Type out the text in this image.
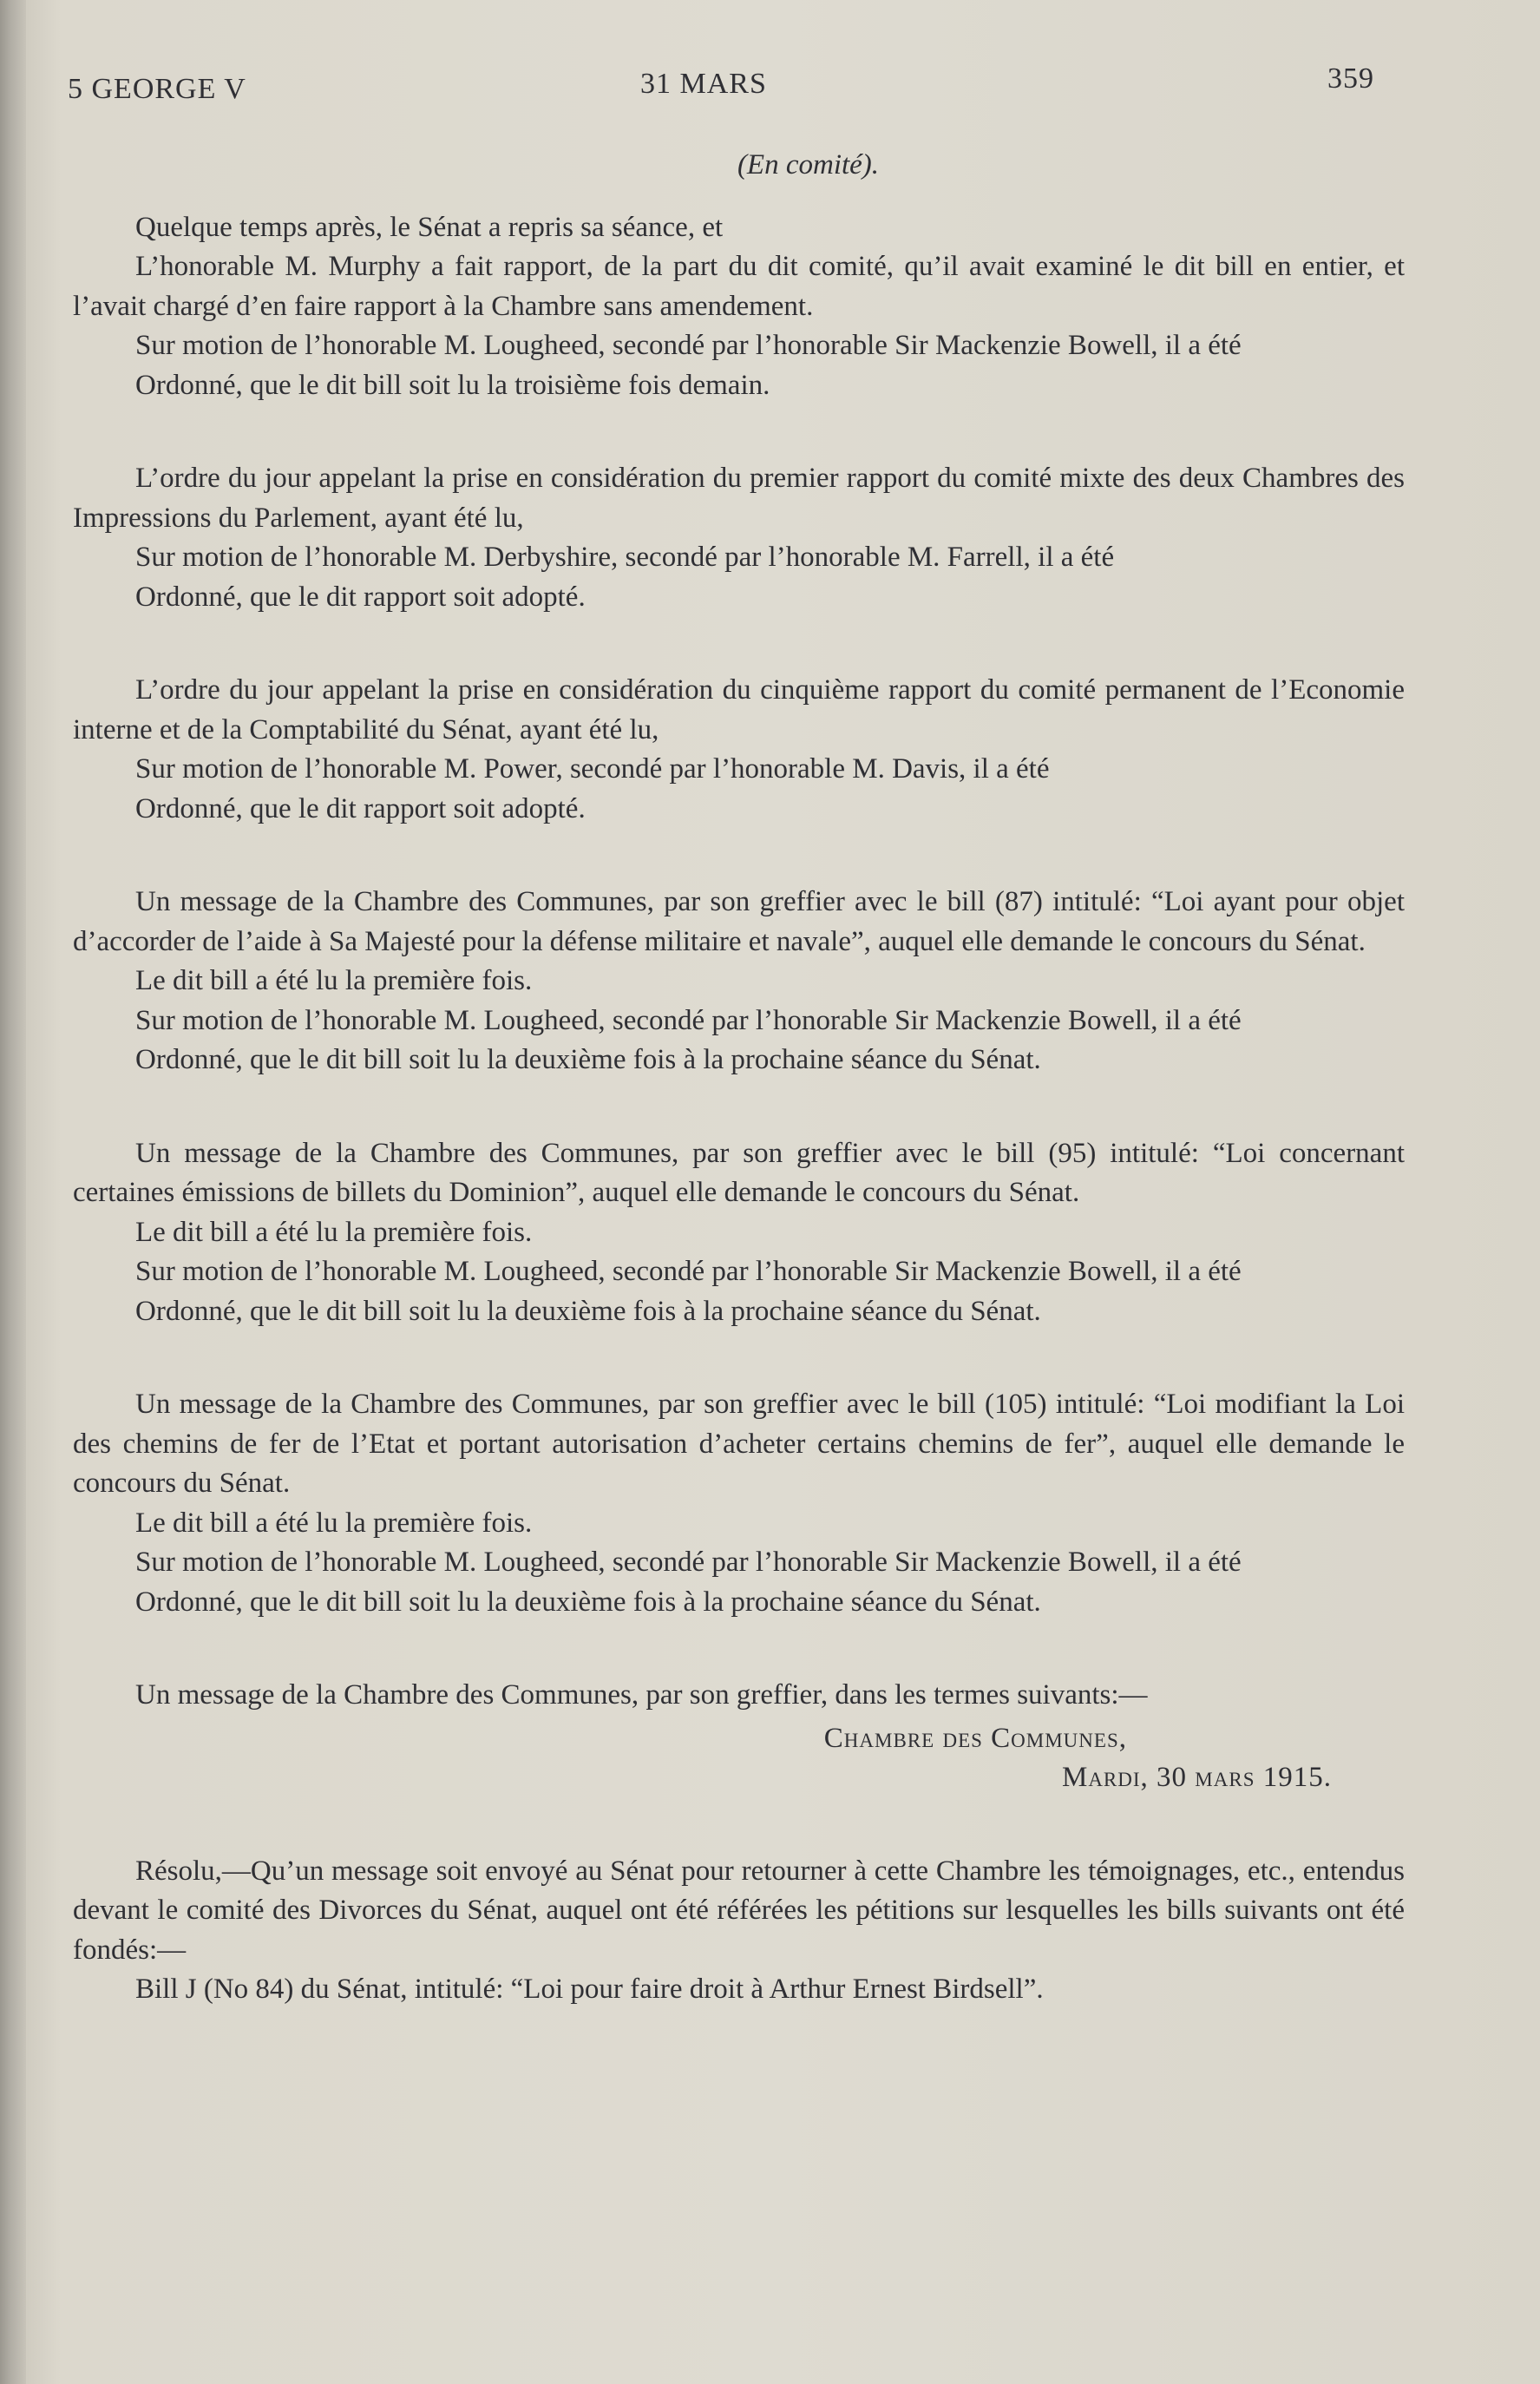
5 GEORGE V	31 MARS	359

(En comité).

Quelque temps après, le Sénat a repris sa séance, et

L’honorable M. Murphy a fait rapport, de la part du dit comité, qu’il avait examiné le dit bill en entier, et l’avait chargé d’en faire rapport à la Chambre sans amendement.

Sur motion de l’honorable M. Lougheed, secondé par l’honorable Sir Mackenzie Bowell, il a été

Ordonné, que le dit bill soit lu la troisième fois demain.

L’ordre du jour appelant la prise en considération du premier rapport du comité mixte des deux Chambres des Impressions du Parlement, ayant été lu,

Sur motion de l’honorable M. Derbyshire, secondé par l’honorable M. Farrell, il a été

Ordonné, que le dit rapport soit adopté.

L’ordre du jour appelant la prise en considération du cinquième rapport du comité permanent de l’Economie interne et de la Comptabilité du Sénat, ayant été lu,

Sur motion de l’honorable M. Power, secondé par l’honorable M. Davis, il a été

Ordonné, que le dit rapport soit adopté.

Un message de la Chambre des Communes, par son greffier avec le bill (87) intitulé: “Loi ayant pour objet d’accorder de l’aide à Sa Majesté pour la défense militaire et navale”, auquel elle demande le concours du Sénat.

Le dit bill a été lu la première fois.

Sur motion de l’honorable M. Lougheed, secondé par l’honorable Sir Mackenzie Bowell, il a été

Ordonné, que le dit bill soit lu la deuxième fois à la prochaine séance du Sénat.

Un message de la Chambre des Communes, par son greffier avec le bill (95) intitulé: “Loi concernant certaines émissions de billets du Dominion”, auquel elle demande le concours du Sénat.

Le dit bill a été lu la première fois.

Sur motion de l’honorable M. Lougheed, secondé par l’honorable Sir Mackenzie Bowell, il a été

Ordonné, que le dit bill soit lu la deuxième fois à la prochaine séance du Sénat.

Un message de la Chambre des Communes, par son greffier avec le bill (105) intitulé: “Loi modifiant la Loi des chemins de fer de l’Etat et portant autorisation d’acheter certains chemins de fer”, auquel elle demande le concours du Sénat.

Le dit bill a été lu la première fois.

Sur motion de l’honorable M. Lougheed, secondé par l’honorable Sir Mackenzie Bowell, il a été

Ordonné, que le dit bill soit lu la deuxième fois à la prochaine séance du Sénat.

Un message de la Chambre des Communes, par son greffier, dans les termes suivants:—

Chambre des Communes,

Mardi, 30 mars 1915.

Résolu,—Qu’un message soit envoyé au Sénat pour retourner à cette Chambre les témoignages, etc., entendus devant le comité des Divorces du Sénat, auquel ont été référées les pétitions sur lesquelles les bills suivants ont été fondés:—

Bill J (No 84) du Sénat, intitulé: “Loi pour faire droit à Arthur Ernest Birdsell”.
